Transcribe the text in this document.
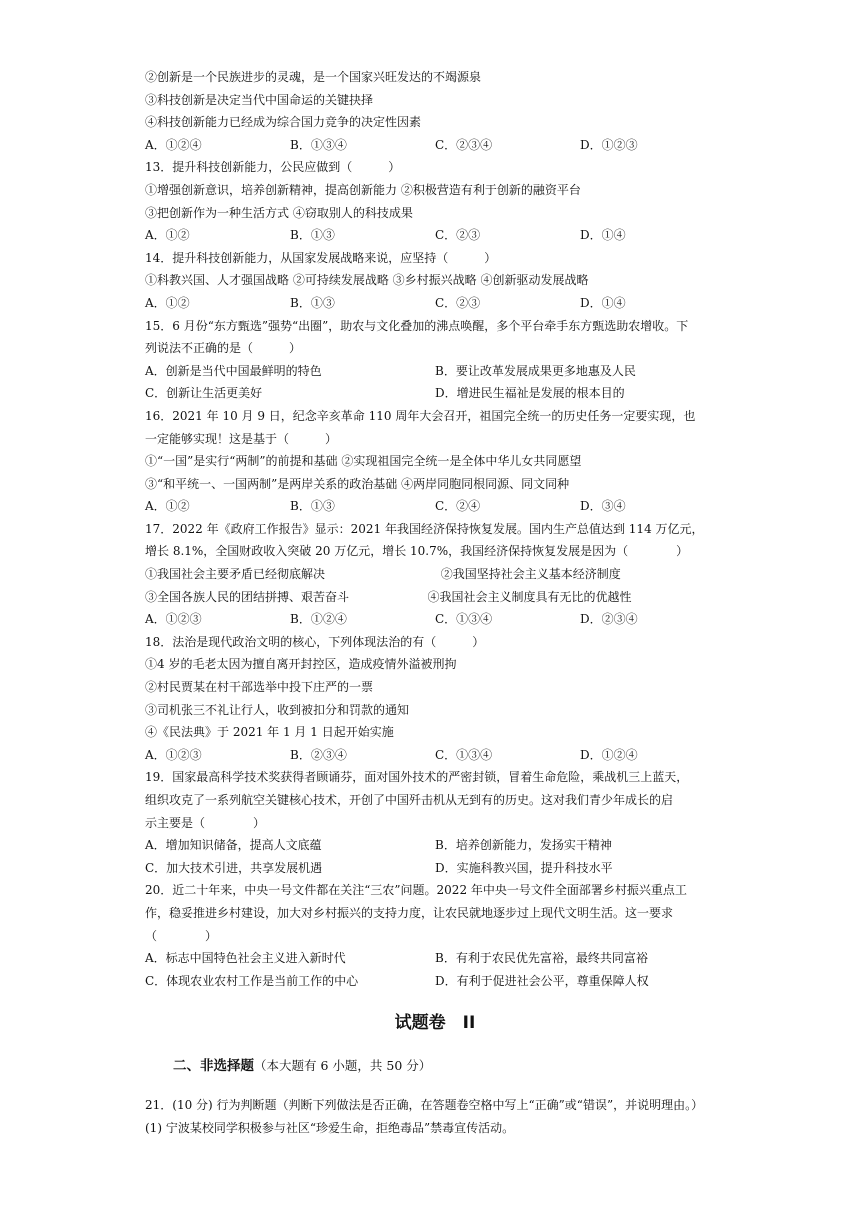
②创新是一个民族进步的灵魂，是一个国家兴旺发达的不竭源泉
③科技创新是决定当代中国命运的关键抉择
④科技创新能力已经成为综合国力竞争的决定性因素
A．①②④	B．①③④	C．②③④	D．①②③
13．提升科技创新能力，公民应做到（　　　）
①增强创新意识，培养创新精神，提高创新能力 ②积极营造有利于创新的融资平台
③把创新作为一种生活方式 ④窃取别人的科技成果
A．①②	B．①③	C．②③	D．①④
14．提升科技创新能力，从国家发展战略来说，应坚持（　　　）
①科教兴国、人才强国战略 ②可持续发展战略 ③乡村振兴战略 ④创新驱动发展战略
A．①②	B．①③	C．②③	D．①④
15．6 月份“东方甄选”强势“出圈”，助农与文化叠加的沸点唤醒，多个平台牵手东方甄选助农增收。下
列说法不正确的是（　　　）
A．创新是当代中国最鲜明的特色	B．要让改革发展成果更多地惠及人民
C．创新让生活更美好	D．增进民生福祉是发展的根本目的
16．2021 年 10 月 9 日，纪念辛亥革命 110 周年大会召开，祖国完全统一的历史任务一定要实现，也
一定能够实现！这是基于（　　　）
①“一国”是实行“两制”的前提和基础 ②实现祖国完全统一是全体中华儿女共同愿望
③“和平统一、一国两制”是两岸关系的政治基础 ④两岸同胞同根同源、同文同种
A．①②	B．①③	C．②④	D．③④
17．2022 年《政府工作报告》显示：2021 年我国经济保持恢复发展。国内生产总值达到 114 万亿元，
增长 8.1%，全国财政收入突破 20 万亿元，增长 10.7%，我国经济保持恢复发展是因为（　　　　）
①我国社会主要矛盾已经彻底解决	②我国坚持社会主义基本经济制度
③全国各族人民的团结拼搏、艰苦奋斗	④我国社会主义制度具有无比的优越性
A．①②③	B．①②④	C．①③④	D．②③④
18．法治是现代政治文明的核心，下列体现法治的有（　　　）
①4 岁的毛老太因为擅自离开封控区，造成疫情外溢被刑拘
②村民贾某在村干部选举中投下庄严的一票
③司机张三不礼让行人，收到被扣分和罚款的通知
④《民法典》于 2021 年 1 月 1 日起开始实施
A．①②③	B．②③④	C．①③④	D．①②④
19．国家最高科学技术奖获得者顾诵芬，面对国外技术的严密封锁，冒着生命危险，乘战机三上蓝天，
组织攻克了一系列航空关键核心技术，开创了中国歼击机从无到有的历史。这对我们青少年成长的启
示主要是（　　　　）
A．增加知识储备，提高人文底蕴	B．培养创新能力，发扬实干精神
C．加大技术引进，共享发展机遇	D．实施科教兴国，提升科技水平
20．近二十年来，中央一号文件都在关注“三农”问题。2022 年中央一号文件全面部署乡村振兴重点工
作，稳妥推进乡村建设，加大对乡村振兴的支持力度，让农民就地逐步过上现代文明生活。这一要求
（　　　　）
A．标志中国特色社会主义进入新时代	B．有利于农民优先富裕，最终共同富裕
C．体现农业农村工作是当前工作的中心	D．有利于促进社会公平，尊重保障人权
试题卷　II
二、非选择题（本大题有 6 小题，共 50 分）
21．(10 分) 行为判断题（判断下列做法是否正确，在答题卷空格中写上“正确”或“错误”，并说明理由。）
(1) 宁波某校同学积极参与社区“珍爱生命，拒绝毒品”禁毒宣传活动。
